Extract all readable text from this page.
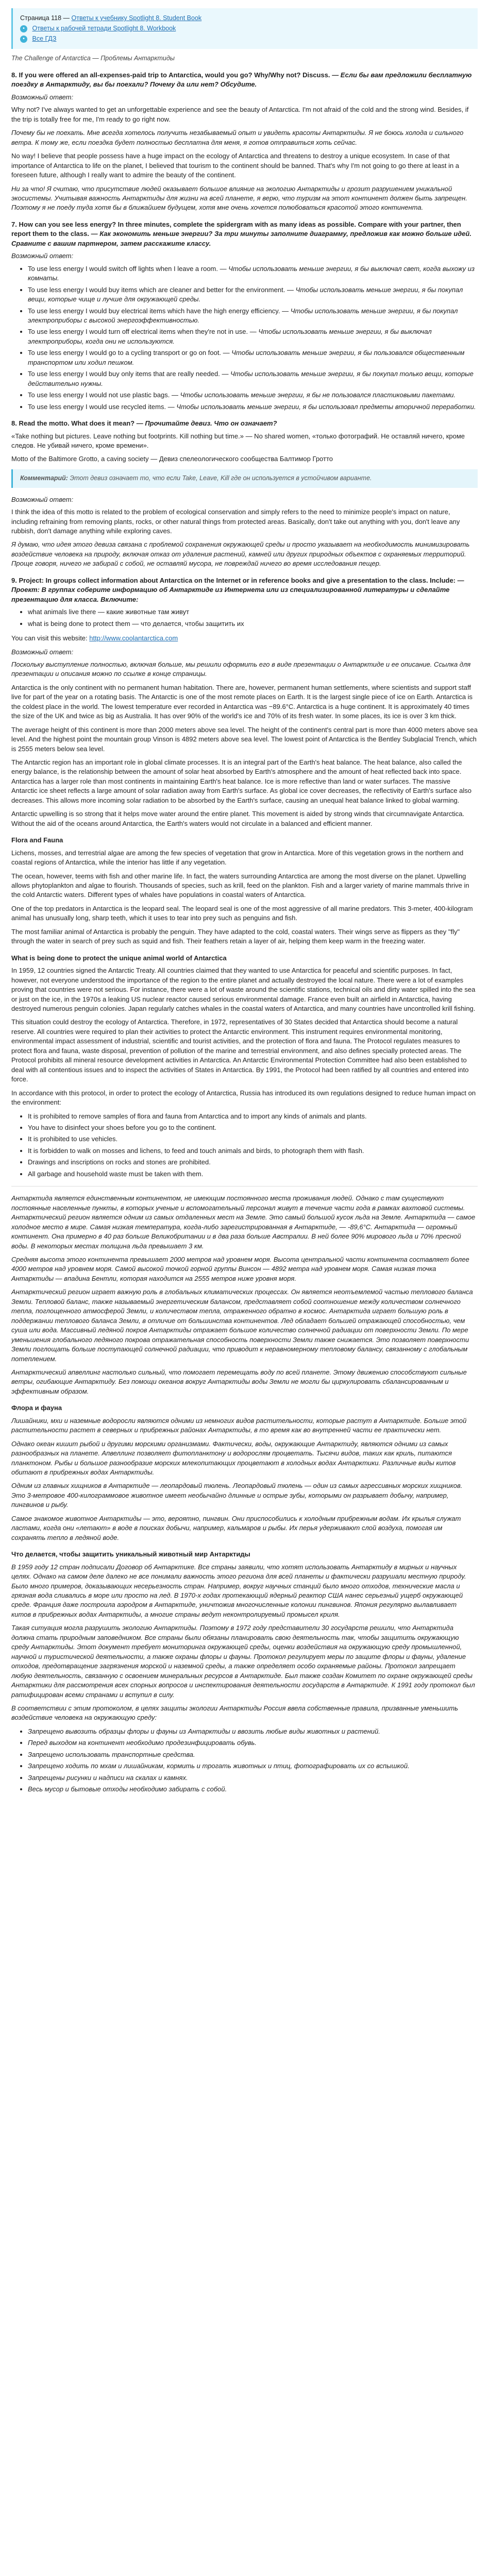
Страница 118 — Ответы к учебнику Spotlight 8. Student Book
• Ответы к рабочей тетради Spotlight 8. Workbook
• Все ГДЗ
The Challenge of Antarctica — Проблемы Антарктиды
8. If you were offered an all-expenses-paid trip to Antarctica, would you go? Why/Why not? Discuss. — Если бы вам предложили бесплатную поездку в Антарктиду, вы бы поехали? Почему да или нет? Обсудите.
Возможный ответ:

Why not? I've always wanted to get an unforgettable experience and see the beauty of Antarctica. I'm not afraid of the cold and the strong wind. Besides, if the trip is totally free for me, I'm ready to go right now.

Почему бы не поехать. Мне всегда хотелось получить незабываемый опыт и увидеть красоты Антарктиды. Я не боюсь холода и сильного ветра. К тому же, если поездка будет полностью бесплатна для меня, я готов отправиться хоть сейчас.

No way! I believe that people possess have a huge impact on the ecology of Antarctica and threatens to destroy a unique ecosystem. In case of that importance of Antarctica to life on the planet, I believed that tourism to the continent should be banned. That's why I'm not going to go there at least in a foreseen future, although I really want to admire the beauty of the continent.

Ни за что! Я считаю, что присутствие людей оказывает большое влияние на экологию Антарктиды и грозит разрушением уникальной экосистемы. Учитывая важность Антарктиды для жизни на всей планете, я верю, что туризм на этот континент должен быть запрещен. Поэтому я не поеду туда хотя бы в ближайшем будущем, хотя мне очень хочется полюбоваться красотой этого континента.

7. How can you see less energy? In three minutes, complete the spidergram with as many ideas as possible. Compare with your partner, then report them to the class. — Как экономить меньше энергии? За три минуты заполните диаграмму, предложив как можно больше идей. Сравните с вашим партнером, затем расскажите классу.
Возможный ответ:
• To use less energy I would switch off lights when I leave a room. — Чтобы использовать меньше энергии, я бы выключал свет, когда выхожу из комнаты.
• To use less energy I would buy items which are cleaner and better for the environment. — Чтобы использовать меньше энергии, я бы покупал вещи, которые чище и лучше для окружающей среды.
• To use less energy I would buy electrical items which have the high energy efficiency. — Чтобы использовать меньше энергии, я бы покупал электроприборы с высокой энергоэффективностью.
• To use less energy I would turn off electrical items when they're not in use. — Чтобы использовать меньше энергии, я бы выключал электроприборы, когда они не используются.
• To use less energy I would go to a cycling transport or go on foot. — Чтобы использовать меньше энергии, я бы пользовался общественным транспортом или ходил пешком.
• To use less energy I would buy only items that are really needed. — Чтобы использовать меньше энергии, я бы покупал только вещи, которые действительно нужны.
• To use less energy I would not use plastic bags. — Чтобы использовать меньше энергии, я бы не пользовался пластиковыми пакетами.
• To use less energy I would use recycled items. — Чтобы использовать меньше энергии, я бы использовал предметы вторичной переработки.
8. Read the motto. What does it mean? — Прочитайте девиз. Что он означает?

«Take nothing but pictures. Leave nothing but footprints. Kill nothing but time.» — No shared women, «только фотографий. Не оставляй ничего, кроме следов. Не убивай ничего, кроме времени».

Motto of the Baltimore Grotto, a caving society — Девиз спелеологического сообщества Балтимор Гротто

Комментарий: Этот девиз означает то, что если Take, Leave, Kill где он используется в устойчивом варианте.
Возможный ответ:

I think the idea of this motto is related to the problem of ecological conservation and simply refers to the need to minimize people's impact on nature, including refraining from removing plants, rocks, or other natural things from protected areas. Basically, don't take out anything with you, don't leave any rubbish, don't damage anything while exploring caves.

Я думаю, что идея этого девиза связана с проблемой сохранения окружающей среды и просто указывает на необходимость минимизировать воздействие человека на природу, включая отказ от удаления растений, камней или других природных объектов с охраняемых территорий. Проще говоря, ничего не забирай с собой, не оставляй мусора, не повреждай ничего во время исследования пещер.

9. Project: In groups collect information about Antarctica on the Internet or in reference books and give a presentation to the class. Include: — Проект: В группах соберите информацию об Антарктиде из Интернета или из специализированной литературы и сделайте презентацию для класса. Включите:
• what animals live there — какие животные там живут
• what is being done to protect them — что делается, чтобы защитить их

You can visit this website: http://www.coolantarctica.com

Возможный ответ:

Поскольку выступление полностью, включая больше, мы решили оформить его в виде презентации о Антарктиде и ее описание. Ссылка для презентации и описания можно по ссылке в конце страницы.

Antarctica is the only continent with no permanent human habitation. There are, however, permanent human settlements, where scientists and support staff live for part of the year on a rotating basis. The Antarctic is one of the most remote places on Earth. It is the largest single piece of ice on Earth. Antarctica is the coldest place in the world. The lowest temperature ever recorded in Antarctica was −89.6°C. Antarctica is a huge continent. It is approximately 40 times the size of the UK and twice as big as Australia. It has over 90% of the world's ice and 70% of its fresh water. In some places, its ice is over 3 km thick.

The average height of this continent is more than 2000 meters above sea level. The height of the continent's central part is more than 4000 meters above sea level. And the highest point the mountain group Vinson is 4892 meters above sea level. The lowest point of Antarctica is the Bentley Subglacial Trench, which is 2555 meters below sea level.

The Antarctic region has an important role in global climate processes. It is an integral part of the Earth's heat balance. The heat balance, also called the energy balance, is the relationship between the amount of solar heat absorbed by Earth's atmosphere and the amount of heat reflected back into space. Antarctica has a larger role than most continents in maintaining Earth's heat balance. Ice is more reflective than land or water surfaces. The massive Antarctic ice sheet reflects a large amount of solar radiation away from Earth's surface. As global ice cover decreases, the reflectivity of Earth's surface also decreases. This allows more incoming solar radiation to be absorbed by the Earth's surface, causing an unequal heat balance linked to global warming.

Antarctic upwelling is so strong that it helps move water around the entire planet. This movement is aided by strong winds that circumnavigate Antarctica. Without the aid of the oceans around Antarctica, the Earth's waters would not circulate in a balanced and efficient manner.

Flora and Fauna

Lichens, mosses, and terrestrial algae are among the few species of vegetation that grow in Antarctica. More of this vegetation grows in the northern and coastal regions of Antarctica, while the interior has little if any vegetation.

The ocean, however, teems with fish and other marine life. In fact, the waters surrounding Antarctica are among the most diverse on the planet. Upwelling allows phytoplankton and algae to flourish. Thousands of species, such as krill, feed on the plankton. Fish and a larger variety of marine mammals thrive in the cold Antarctic waters. Different types of whales have populations in coastal waters of Antarctica.

One of the top predators in Antarctica is the leopard seal. The leopard seal is one of the most aggressive of all marine predators. This 3-meter, 400-kilogram animal has unusually long, sharp teeth, which it uses to tear into prey such as penguins and fish.

The most familiar animal of Antarctica is probably the penguin. They have adapted to the cold, coastal waters. Their wings serve as flippers as they "fly" through the water in search of prey such as squid and fish. Their feathers retain a layer of air, helping them keep warm in the freezing water.

What is being done to protect the unique animal world of Antarctica

In 1959, 12 countries signed the Antarctic Treaty. All countries claimed that they wanted to use Antarctica for peaceful and scientific purposes. In fact, however, not everyone understood the importance of the region to the entire planet and actually destroyed the local nature. There were a lot of examples proving that countries were not serious. For instance, there were a lot of waste around the scientific stations, technical oils and dirty water spilled into the sea or just on the ice, in the 1970s a leaking US nuclear reactor caused serious environmental damage. France even built an airfield in Antarctica, having destroyed numerous penguin colonies. Japan regularly catches whales in the coastal waters of Antarctica, and many countries have uncontrolled krill fishing.

This situation could destroy the ecology of Antarctica. Therefore, in 1972, representatives of 30 States decided that Antarctica should become a natural reserve. All countries were required to plan their activities to protect the Antarctic environment. This instrument requires environmental monitoring, environmental impact assessment of industrial, scientific and tourist activities, and the protection of flora and fauna. The Protocol regulates measures to protect flora and fauna, waste disposal, prevention of pollution of the marine and terrestrial environment, and also defines specially protected areas. The Protocol prohibits all mineral resource development activities in Antarctica. An Antarctic Environmental Protection Committee had also been established to deal with all contentious issues and to inspect the activities of States in Antarctica. By 1991, the Protocol had been ratified by all countries and entered into force.

In accordance with this protocol, in order to protect the ecology of Antarctica, Russia has introduced its own regulations designed to reduce human impact on the environment:

• It is prohibited to remove samples of flora and fauna from Antarctica and to import any kinds of animals and plants.
• You have to disinfect your shoes before you go to the continent.
• It is prohibited to use vehicles.
• It is forbidden to walk on mosses and lichens, to feed and touch animals and birds, to photograph them with flash.
• Drawings and inscriptions on rocks and stones are prohibited.
• All garbage and household waste must be taken with them.

Антарктида является единственным континентом, не имеющим постоянного места проживания людей. Однако с там существуют постоянные населенные пункты, в которых ученые и вспомогательный персонал живут в течение части года в рамках вахтовой системы. Антарктический регион является одним из самых отдаленных мест на Земле. Это самый большой кусок льда на Земле. Антарктида — самое холодное место в мире. Самая низкая температура, когда-либо зарегистрированная в Антарктиде, — -89,6°С. Антарктида — огромный континент. Она примерно в 40 раз больше Великобритании и в два раза больше Австралии. В ней более 90% мирового льда и 70% пресной воды. В некоторых местах толщина льда превышает 3 км.

Средняя высота этого континента превышает 2000 метров над уровнем моря. Высота центральной части континента составляет более 4000 метров над уровнем моря. Самой высокой точкой горной группы Винсон — 4892 метра над уровнем моря. Самая низкая точка Антарктиды — впадина Бентли, которая находится на 2555 метров ниже уровня моря.

Антарктический регион играет важную роль в глобальных климатических процессах. Он является неотъемлемой частью теплового баланса Земли. Тепловой баланс, также называемый энергетическим балансом, представляет собой соотношение между количеством солнечного тепла, поглощенного атмосферой Земли, и количеством тепла, отраженного обратно в космос. Антарктида играет большую роль в поддержании теплового баланса Земли, в отличие от большинства континентов. Лед обладает большей отражающей способностью, чем суша или вода. Массивный ледяной покров Антарктиды отражает большое количество солнечной радиации от поверхности Земли. По мере уменьшения глобального ледяного покрова отражательная способность поверхности Земли также снижается. Это позволяет поверхности Земли поглощать больше поступающей солнечной радиации, что приводит к неравномерному тепловому балансу, связанному с глобальным потеплением.

Антарктический апвеллинг настолько сильный, что помогает перемещать воду по всей планете. Этому движению способствуют сильные ветры, огибающие Антарктиду. Без помощи океанов вокруг Антарктиды воды Земли не могли бы циркулировать сбалансированным и эффективным образом.

Флора и фауна

Лишайники, мхи и наземные водоросли являются одними из немногих видов растительности, которые растут в Антарктиде. Больше этой растительности растет в северных и прибрежных районах Антарктиды, в то время как во внутренней части ее практически нет.

Однако океан кишит рыбой и другими морскими организмами. Фактически, воды, окружающие Антарктиду, являются одними из самых разнообразных на планете. Апвеллинг позволяет фитопланктону и водорослям процветать. Тысячи видов, таких как криль, питаются планктоном. Рыбы и большое разнообразие морских млекопитающих процветают в холодных водах Антарктики. Различные виды китов обитают в прибрежных водах Антарктиды.

Одним из главных хищников в Антарктиде — леопардовый тюлень. Леопардовый тюлень — один из самых агрессивных морских хищников. Это 3-метровое 400-килограммовое животное имеет необычайно длинные и острые зубы, которыми он разрывает добычу, например, пингвинов и рыбу.

Самое знакомое животное Антарктиды — это, вероятно, пингвин. Они приспособились к холодным прибрежным водам. Их крылья служат ластами, когда они «летают» в воде в поисках добычи, например, кальмаров и рыбы. Их перья удерживают слой воздуха, помогая им сохранять тепло в ледяной воде.

Что делается, чтобы защитить уникальный животный мир Антарктиды

В 1959 году 12 стран подписали Договор об Антарктике. Все страны заявили, что хотят использовать Антарктиду в мирных и научных целях. Однако на самом деле далеко не все понимали важность этого региона для всей планеты и фактически разрушали местную природу. Было много примеров, доказывающих несерьезность стран. Например, вокруг научных станций было много отходов, технические масла и грязная вода сливались в море или просто на лед. В 1970-х годах протекающий ядерный реактор США нанес серьезный ущерб окружающей среде. Франция даже построила аэродром в Антарктиде, уничтожив многочисленные колонии пингвинов. Япония регулярно вылавливает китов в прибрежных водах Антарктиды, а многие страны ведут неконтролируемый промысел криля.

Такая ситуация могла разрушить экологию Антарктиды. Поэтому в 1972 году представители 30 государств решили, что Антарктида должна стать природным заповедником. Все страны были обязаны планировать свою деятельность так, чтобы защитить окружающую среду Антарктиды. Этот документ требует мониторинга окружающей среды, оценки воздействия на окружающую среду промышленной, научной и туристической деятельности, а также охраны флоры и фауны. Протокол регулирует меры по защите флоры и фауны, удаление отходов, предотвращение загрязнения морской и наземной среды, а также определяет особо охраняемые районы. Протокол запрещает любую деятельность, связанную с освоением минеральных ресурсов в Антарктиде. Был также создан Комитет по охране окружающей среды Антарктики для рассмотрения всех спорных вопросов и инспектирования деятельности государств в Антарктиде. К 1991 году протокол был ратифицирован всеми странами и вступил в силу.

В соответствии с этим протоколом, в целях защиты экологии Антарктиды Россия ввела собственные правила, призванные уменьшить воздействие человека на окружающую среду:

• Запрещено вывозить образцы флоры и фауны из Антарктиды и ввозить любые виды животных и растений.
• Перед выходом на континент необходимо продезинфицировать обувь.
• Запрещено использовать транспортные средства.
• Запрещено ходить по мхам и лишайникам, кормить и трогать животных и птиц, фотографировать их со вспышкой.
• Запрещены рисунки и надписи на скалах и камнях.
• Весь мусор и бытовые отходы необходимо забирать с собой.
